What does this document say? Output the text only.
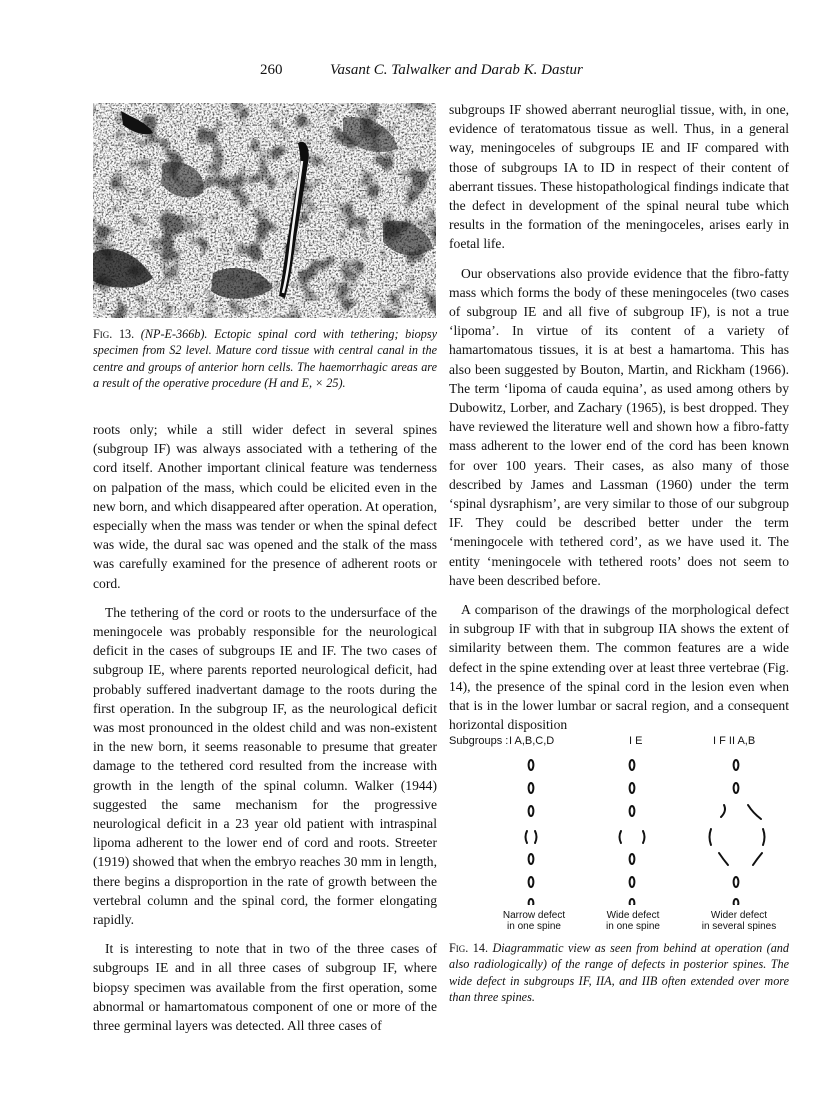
260	Vasant C. Talwalker and Darab K. Dastur
Fig. 13. (NP-E-366b). Ectopic spinal cord with tethering; biopsy specimen from S2 level. Mature cord tissue with central canal in the centre and groups of anterior horn cells. The haemorrhagic areas are a result of the operative procedure (H and E, × 25).

roots only; while a still wider defect in several spines (subgroup IF) was always associated with a tethering of the cord itself. Another important clinical feature was tenderness on palpation of the mass, which could be elicited even in the new born, and which disappeared after operation. At operation, especially when the mass was tender or when the spinal defect was wide, the dural sac was opened and the stalk of the mass was carefully examined for the presence of adherent roots or cord.

The tethering of the cord or roots to the undersurface of the meningocele was probably responsible for the neurological deficit in the cases of subgroups IE and IF. The two cases of subgroup IE, where parents reported neurological deficit, had probably suffered inadvertant damage to the roots during the first operation. In the subgroup IF, as the neurological deficit was most pronounced in the oldest child and was non-existent in the new born, it seems reasonable to presume that greater damage to the tethered cord resulted from the increase with growth in the length of the spinal column. Walker (1944) suggested the same mechanism for the progressive neurological deficit in a 23 year old patient with intraspinal lipoma adherent to the lower end of cord and roots. Streeter (1919) showed that when the embryo reaches 30 mm in length, there begins a disproportion in the rate of growth between the vertebral column and the spinal cord, the former elongating rapidly.

It is interesting to note that in two of the three cases of subgroups IE and in all three cases of subgroup IF, where biopsy specimen was available from the first operation, some abnormal or hamartomatous component of one or more of the three germinal layers was detected. All three cases of

subgroups IF showed aberrant neuroglial tissue, with, in one, evidence of teratomatous tissue as well. Thus, in a general way, meningoceles of subgroups IE and IF compared with those of subgroups IA to ID in respect of their content of aberrant tissues. These histopathological findings indicate that the defect in development of the spinal neural tube which results in the formation of the meningoceles, arises early in foetal life.

Our observations also provide evidence that the fibro-fatty mass which forms the body of these meningoceles (two cases of subgroup IE and all five of subgroup IF), is not a true ‘lipoma’. In virtue of its content of a variety of hamartomatous tissues, it is at best a hamartoma. This has also been suggested by Bouton, Martin, and Rickham (1966). The term ‘lipoma of cauda equina’, as used among others by Dubowitz, Lorber, and Zachary (1965), is best dropped. They have reviewed the literature well and shown how a fibro-fatty mass adherent to the lower end of the cord has been known for over 100 years. Their cases, as also many of those described by James and Lassman (1960) under the term ‘spinal dysraphism’, are very similar to those of our subgroup IF. They could be described better under the term ‘meningocele with tethered cord’, as we have used it. The entity ‘meningocele with tethered roots’ does not seem to have been described before.

A comparison of the drawings of the morphological defect in subgroup IF with that in subgroup IIA shows the extent of similarity between them. The common features are a wide defect in the spine extending over at least three vertebrae (Fig. 14), the presence of the spinal cord in the lesion even when that is in the lower lumbar or sacral region, and a consequent horizontal disposition

Subgroups : I A,B,C,D	I E	I F II A,B
Narrow defect
in one spine
Wide defect
in one spine
Wider defect
in several spines
Fig. 14. Diagrammatic view as seen from behind at operation (and also radiologically) of the range of defects in posterior spines. The wide defect in subgroups IF, IIA, and IIB often extended over more than three spines.
